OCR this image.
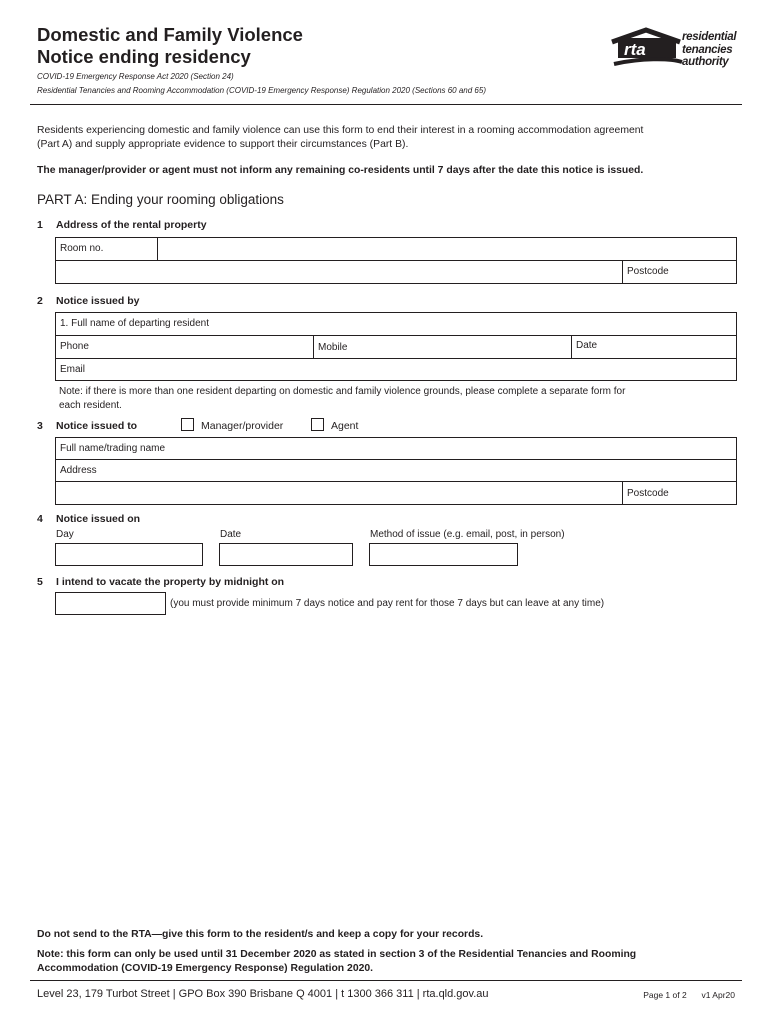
Domestic and Family Violence
Notice ending residency
COVID-19 Emergency Response Act 2020 (Section 24)
Residential Tenancies and Rooming Accommodation (COVID-19 Emergency Response) Regulation 2020 (Sections 60 and 65)
rta
residential
tenancies
authority
Residents experiencing domestic and family violence can use this form to end their interest in a rooming accommodation agreement
(Part A) and supply appropriate evidence to support their circumstances (Part B).
The manager/provider or agent must not inform any remaining co-residents until 7 days after the date this notice is issued.
PART A: Ending your rooming obligations
1 Address of the rental property
Room no.
Postcode
2 Notice issued by
1. Full name of departing resident
Phone	Mobile	Date
Email
Note: if there is more than one resident departing on domestic and family violence grounds, please complete a separate form for
each resident.
3 Notice issued to	Manager/provider	Agent
Full name/trading name
Address
Postcode
4 Notice issued on
Day	Date	Method of issue (e.g. email, post, in person)
5 I intend to vacate the property by midnight on
(you must provide minimum 7 days notice and pay rent for those 7 days but can leave at any time)
Do not send to the RTA—give this form to the resident/s and keep a copy for your records.
Note: this form can only be used until 31 December 2020 as stated in section 3 of the Residential Tenancies and Rooming
Accommodation (COVID-19 Emergency Response) Regulation 2020.
Level 23, 179 Turbot Street | GPO Box 390 Brisbane Q 4001 | t 1300 366 311 | rta.qld.gov.au	Page 1 of 2 v1 Apr20
